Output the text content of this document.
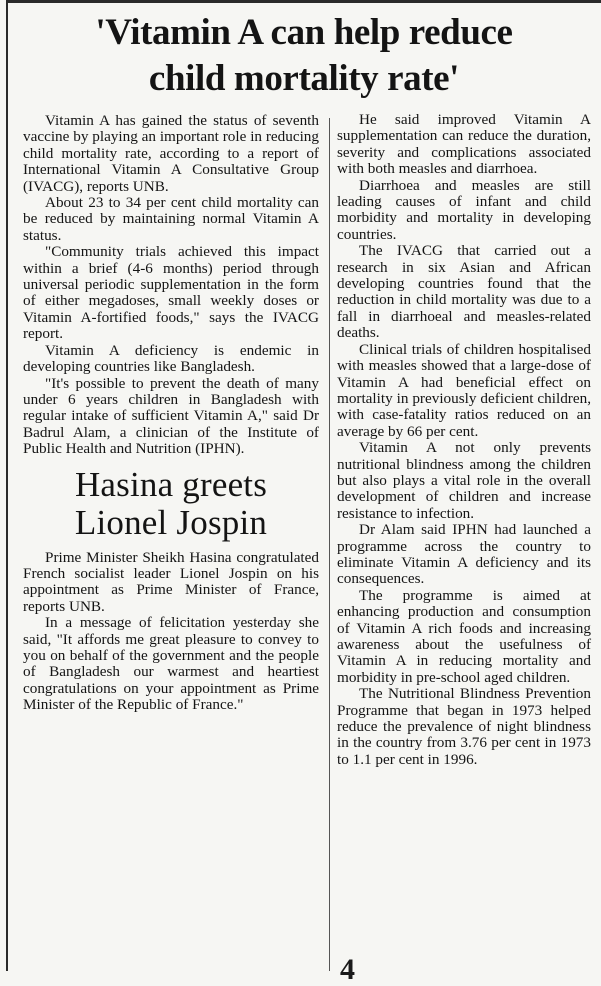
'Vitamin A can help reduce
child mortality rate'

Vitamin A has gained the status of seventh vaccine by playing an important role in reducing child mortality rate, according to a report of International Vitamin A Consultative Group (IVACG), reports UNB.

About 23 to 34 per cent child mortality can be reduced by maintaining normal Vitamin A status.

"Community trials achieved this impact within a brief (4-6 months) period through universal periodic supplementation in the form of either megadoses, small weekly doses or Vitamin A-fortified foods," says the IVACG report.

Vitamin A deficiency is endemic in developing countries like Bangladesh.

"It's possible to prevent the death of many under 6 years children in Bangladesh with regular intake of sufficient Vitamin A," said Dr Badrul Alam, a clinician of the Institute of Public Health and Nutrition (IPHN).

Hasina greets
Lionel Jospin

Prime Minister Sheikh Hasina congratulated French socialist leader Lionel Jospin on his appointment as Prime Minister of France, reports UNB.

In a message of felicitation yesterday she said, "It affords me great pleasure to convey to you on behalf of the government and the people of Bangladesh our warmest and heartiest congratulations on your appointment as Prime Minister of the Republic of France."

He said improved Vitamin A supplementation can reduce the duration, severity and complications associated with both measles and diarrhoea.

Diarrhoea and measles are still leading causes of infant and child morbidity and mortality in developing countries.

The IVACG that carried out a research in six Asian and African developing countries found that the reduction in child mortality was due to a fall in diarrhoeal and measles-related deaths.

Clinical trials of children hospitalised with measles showed that a large-dose of Vitamin A had beneficial effect on mortality in previously deficient children, with case-fatality ratios reduced on an average by 66 per cent.

Vitamin A not only prevents nutritional blindness among the children but also plays a vital role in the overall development of children and increase resistance to infection.

Dr Alam said IPHN had launched a programme across the country to eliminate Vitamin A deficiency and its consequences.

The programme is aimed at enhancing production and consumption of Vitamin A rich foods and increasing awareness about the usefulness of Vitamin A in reducing mortality and morbidity in pre-school aged children.

The Nutritional Blindness Prevention Programme that began in 1973 helped reduce the prevalence of night blindness in the country from 3.76 per cent in 1973 to 1.1 per cent in 1996.

4
